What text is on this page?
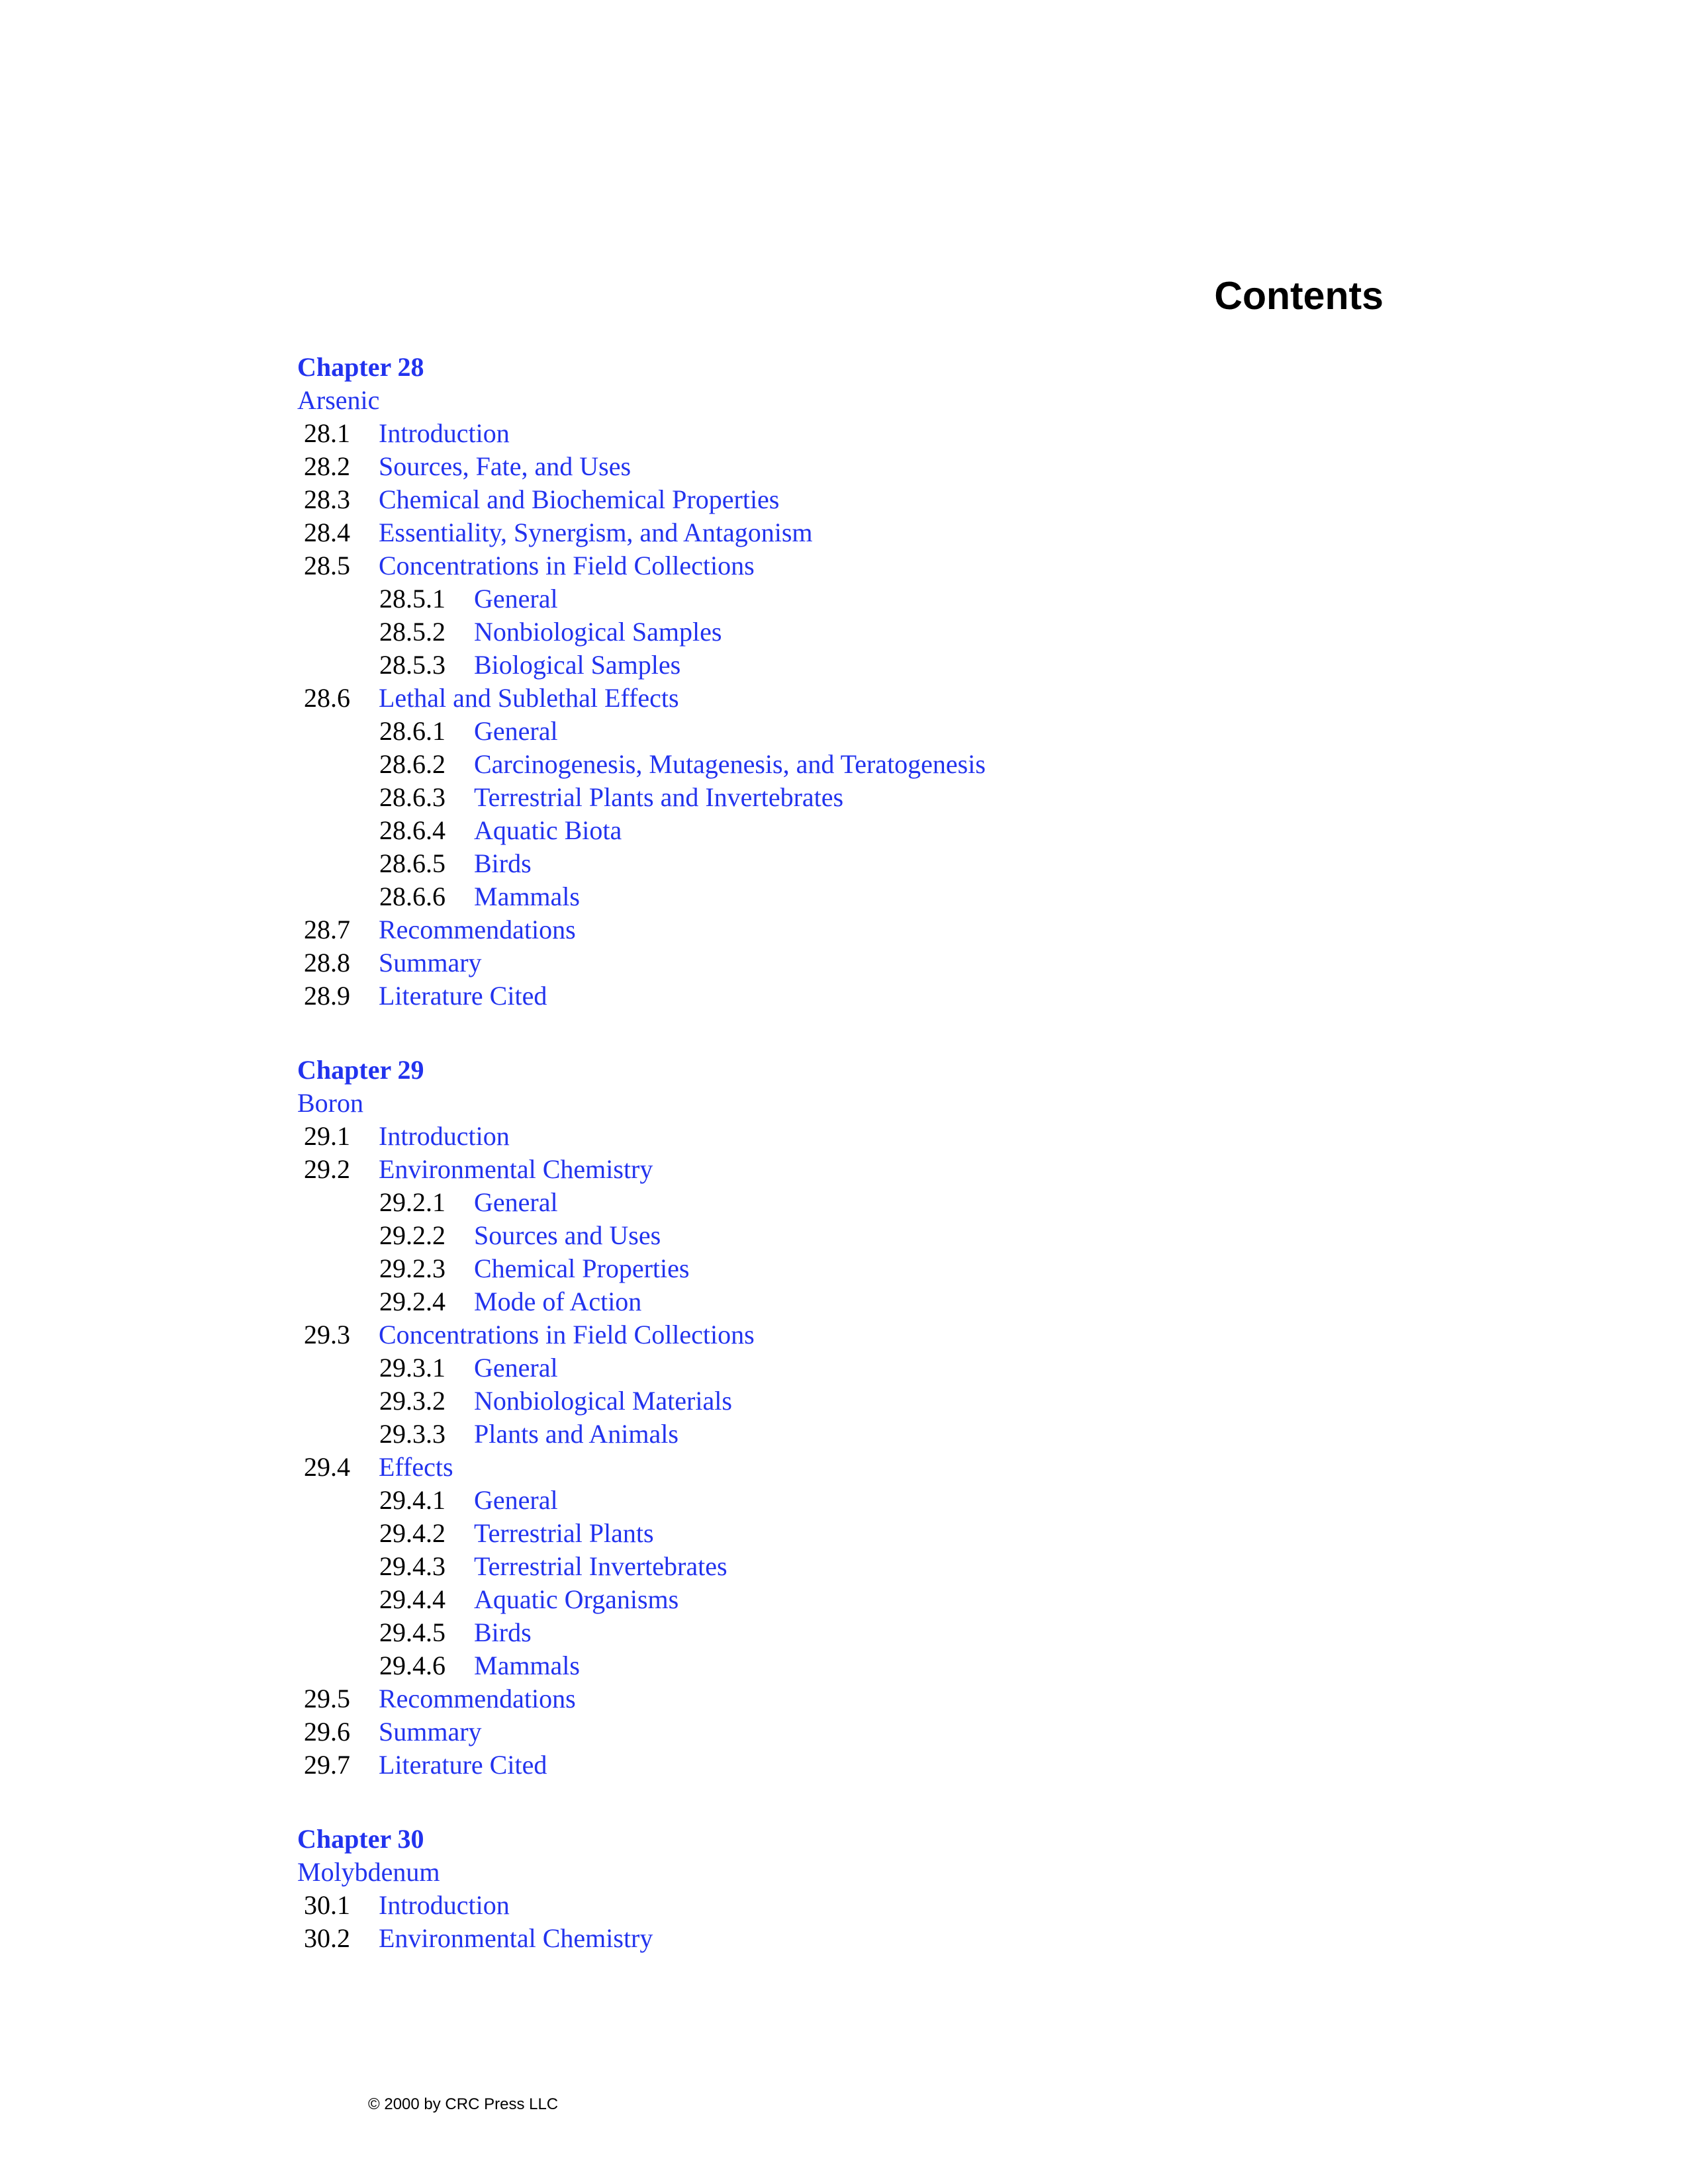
Contents
Chapter 28
Arsenic
28.1	Introduction
28.2	Sources, Fate, and Uses
28.3	Chemical and Biochemical Properties
28.4	Essentiality, Synergism, and Antagonism
28.5	Concentrations in Field Collections
28.5.1	General
28.5.2	Nonbiological Samples
28.5.3	Biological Samples
28.6	Lethal and Sublethal Effects
28.6.1	General
28.6.2	Carcinogenesis, Mutagenesis, and Teratogenesis
28.6.3	Terrestrial Plants and Invertebrates
28.6.4	Aquatic Biota
28.6.5	Birds
28.6.6	Mammals
28.7	Recommendations
28.8	Summary
28.9	Literature Cited
Chapter 29
Boron
29.1	Introduction
29.2	Environmental Chemistry
29.2.1	General
29.2.2	Sources and Uses
29.2.3	Chemical Properties
29.2.4	Mode of Action
29.3	Concentrations in Field Collections
29.3.1	General
29.3.2	Nonbiological Materials
29.3.3	Plants and Animals
29.4	Effects
29.4.1	General
29.4.2	Terrestrial Plants
29.4.3	Terrestrial Invertebrates
29.4.4	Aquatic Organisms
29.4.5	Birds
29.4.6	Mammals
29.5	Recommendations
29.6	Summary
29.7	Literature Cited
Chapter 30
Molybdenum
30.1	Introduction
30.2	Environmental Chemistry
© 2000 by CRC Press LLC
